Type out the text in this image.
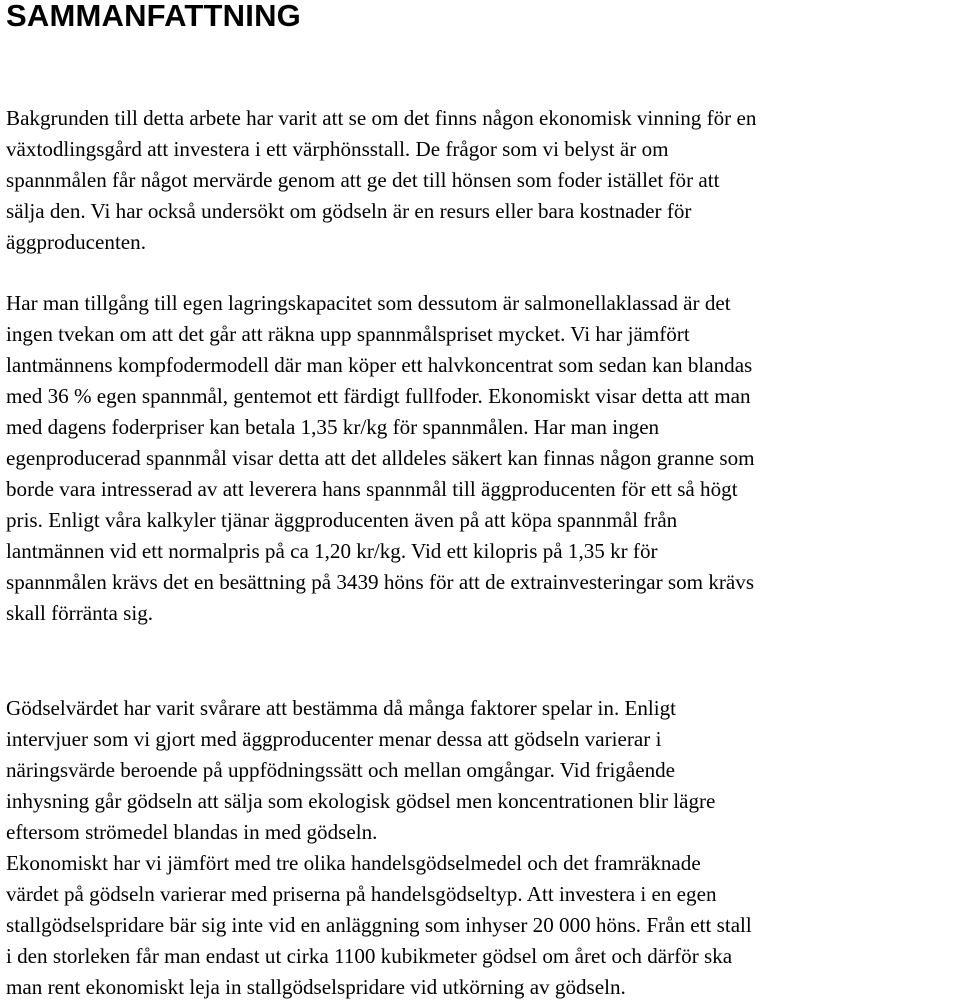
SAMMANFATTNING

Bakgrunden till detta arbete har varit att se om det finns någon ekonomisk vinning för en
växtodlingsgård att investera i ett värphönsstall. De frågor som vi belyst är om
spannmålen får något mervärde genom att ge det till hönsen som foder istället för att
sälja den. Vi har också undersökt om gödseln är en resurs eller bara kostnader för
äggproducenten.

Har man tillgång till egen lagringskapacitet som dessutom är salmonellaklassad är det
ingen tvekan om att det går att räkna upp spannmålspriset mycket. Vi har jämfört
lantmännens kompfodermodell där man köper ett halvkoncentrat som sedan kan blandas
med 36 % egen spannmål, gentemot ett färdigt fullfoder. Ekonomiskt visar detta att man
med dagens foderpriser kan betala 1,35 kr/kg för spannmålen. Har man ingen
egenproducerad spannmål visar detta att det alldeles säkert kan finnas någon granne som
borde vara intresserad av att leverera hans spannmål till äggproducenten för ett så högt
pris. Enligt våra kalkyler tjänar äggproducenten även på att köpa spannmål från
lantmännen vid ett normalpris på ca 1,20 kr/kg. Vid ett kilopris på 1,35 kr för
spannmålen krävs det en besättning på 3439 höns för att de extrainvesteringar som krävs
skall förränta sig.

Gödselvärdet har varit svårare att bestämma då många faktorer spelar in. Enligt
intervjuer som vi gjort med äggproducenter menar dessa att gödseln varierar i
näringsvärde beroende på uppfödningssätt och mellan omgångar. Vid frigående
inhysning går gödseln att sälja som ekologisk gödsel men koncentrationen blir lägre
eftersom strömedel blandas in med gödseln.

Ekonomiskt har vi jämfört med tre olika handelsgödselmedel och det framräknade
värdet på gödseln varierar med priserna på handelsgödseltyp. Att investera i en egen
stallgödselspridare bär sig inte vid en anläggning som inhyser 20 000 höns. Från ett stall
i den storleken får man endast ut cirka 1100 kubikmeter gödsel om året och därför ska
man rent ekonomiskt leja in stallgödselspridare vid utkörning av gödseln.
